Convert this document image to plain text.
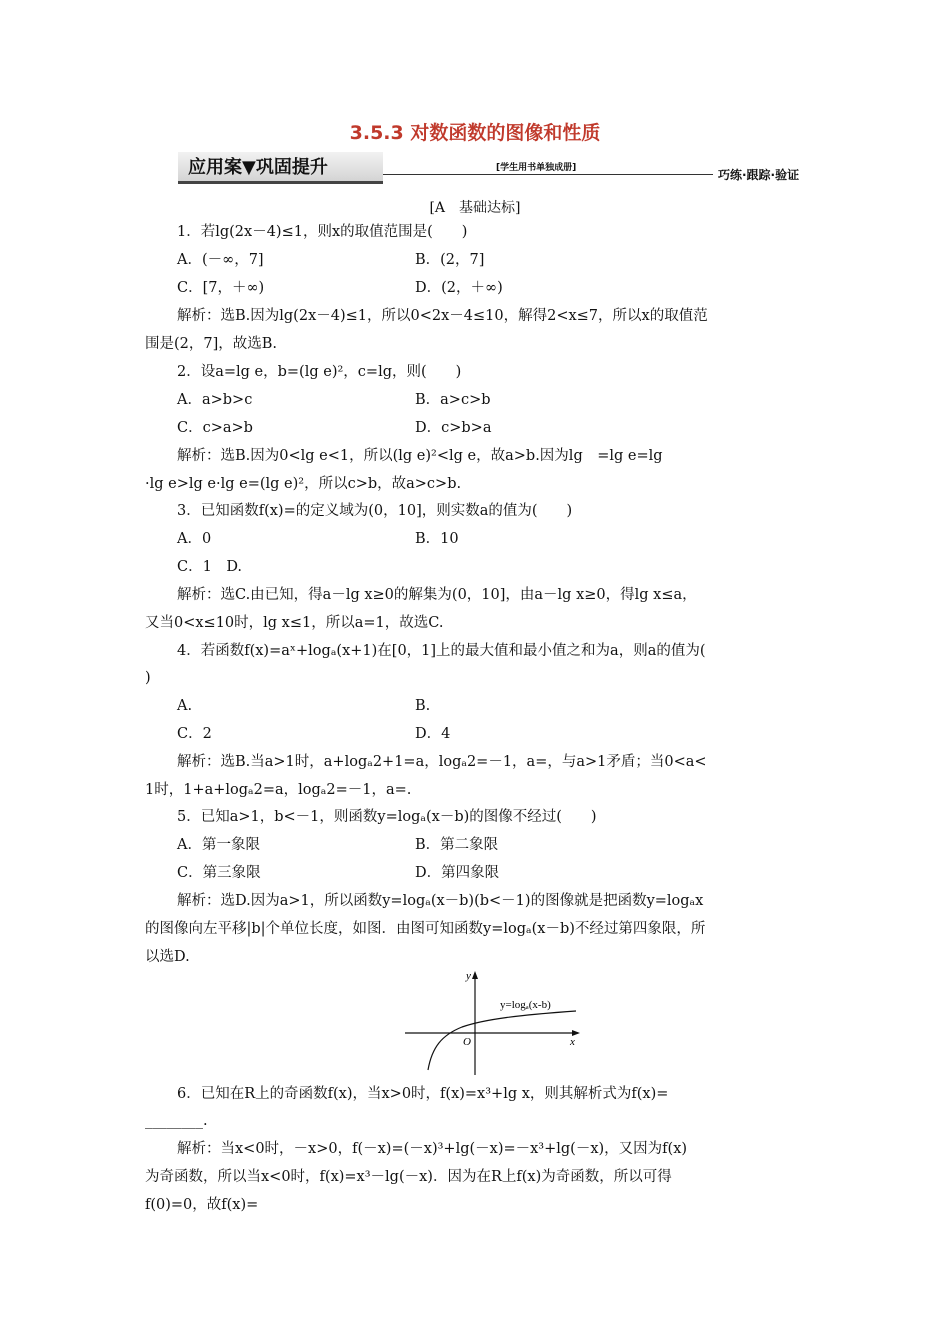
3.5.3 对数函数的图像和性质
应用案▼巩固提升	[学生用书单独成册]	巧练·跟踪·验证
[A　基础达标]
1．若lg(2x－4)≤1，则x的取值范围是(　　)
A．(－∞，7]	B．(2，7]
C．[7，＋∞)	D．(2，＋∞)
解析：选B.因为lg(2x－4)≤1，所以0<2x－4≤10，解得2<x≤7，所以x的取值范
围是(2，7]，故选B.
2．设a=lg e，b=(lg e)²，c=lg，则(　　)
A．a>b>c	B．a>c>b
C．c>a>b	D．c>b>a
解析：选B.因为0<lg e<1，所以(lg e)²<lg e，故a>b.因为lg　=lg e=lg
·lg e>lg e·lg e=(lg e)²，所以c>b，故a>c>b.
3．已知函数f(x)=的定义域为(0，10]，则实数a的值为(　　)
A．0	B．10
C．1　D.
解析：选C.由已知，得a－lg x≥0的解集为(0，10]，由a－lg x≥0，得lg x≤a，
又当0<x≤10时，lg x≤1，所以a=1，故选C.
4．若函数f(x)=aˣ+logₐ(x+1)在[0，1]上的最大值和最小值之和为a，则a的值为(
)
A.	B.
C．2	D．4
解析：选B.当a>1时，a+logₐ2+1=a，logₐ2=－1，a=，与a>1矛盾；当0<a<
1时，1+a+logₐ2=a，logₐ2=－1，a=.
5．已知a>1，b<－1，则函数y=logₐ(x－b)的图像不经过(　　)
A．第一象限	B．第二象限
C．第三象限	D．第四象限
解析：选D.因为a>1，所以函数y=logₐ(x－b)(b<－1)的图像就是把函数y=logₐx
的图像向左平移|b|个单位长度，如图．由图可知函数y=logₐ(x－b)不经过第四象限，所
以选D.
y
x
O
y=logₐ(x-b)
6．已知在R上的奇函数f(x)，当x>0时，f(x)=x³+lg x，则其解析式为f(x)=
________.
解析：当x<0时，－x>0，f(－x)=(－x)³+lg(－x)=－x³+lg(－x)，又因为f(x)
为奇函数，所以当x<0时，f(x)=x³－lg(－x)．因为在R上f(x)为奇函数，所以可得
f(0)=0，故f(x)=
